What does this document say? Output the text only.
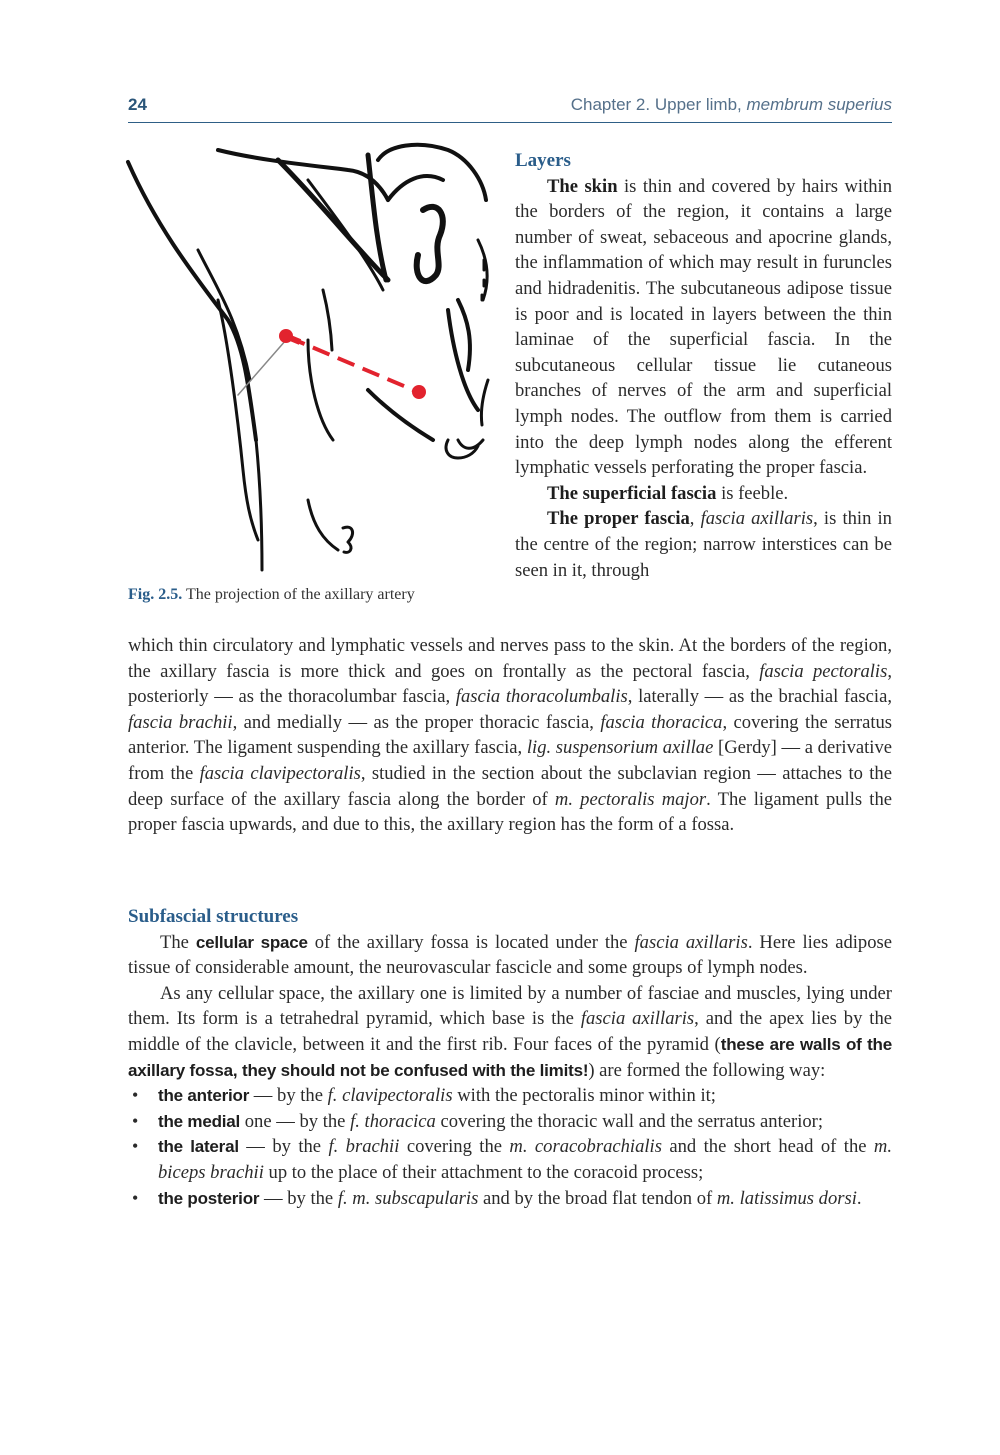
24	Chapter 2. Upper limb, membrum superius
Fig. 2.5. The projection of the axillary artery

Layers

The skin is thin and covered by hairs within the borders of the region, it contains a large number of sweat, sebaceous and apocrine glands, the inflammation of which may result in furuncles and hidradenitis. The subcutaneous adipose tissue is poor and is located in layers between the thin laminae of the superficial fascia. In the subcutaneous cellular tissue lie cutaneous branches of nerves of the arm and superficial lymph nodes. The outflow from them is carried into the deep lymph nodes along the efferent lymphatic vessels perforating the proper fascia.

The superficial fascia is feeble.

The proper fascia, fascia axillaris, is thin in the centre of the region; narrow interstices can be seen in it, through

which thin circulatory and lymphatic vessels and nerves pass to the skin. At the borders of the region, the axillary fascia is more thick and goes on frontally as the pectoral fascia, fascia pectoralis, posteriorly — as the thoracolumbar fascia, fascia thoracolumbalis, laterally — as the brachial fascia, fascia brachii, and medially — as the proper thoracic fascia, fascia thoracica, covering the serratus anterior. The ligament suspending the axillary fascia, lig. suspensorium axillae [Gerdy] — a derivative from the fascia clavipectoralis, studied in the section about the subclavian region — attaches to the deep surface of the axillary fascia along the border of m. pectoralis major. The ligament pulls the proper fascia upwards, and due to this, the axillary region has the form of a fossa.

Subfascial structures

The cellular space of the axillary fossa is located under the fascia axillaris. Here lies adipose tissue of considerable amount, the neurovascular fascicle and some groups of lymph nodes.

As any cellular space, the axillary one is limited by a number of fasciae and muscles, lying under them. Its form is a tetrahedral pyramid, which base is the fascia axillaris, and the apex lies by the middle of the clavicle, between it and the first rib. Four faces of the pyramid (these are walls of the axillary fossa, they should not be confused with the limits!) are formed the following way:

• the anterior — by the f. clavipectoralis with the pectoralis minor within it;
• the medial one — by the f. thoracica covering the thoracic wall and the serratus anterior;
• the lateral — by the f. brachii covering the m. coracobrachialis and the short head of the m. biceps brachii up to the place of their attachment to the coracoid process;
• the posterior — by the f. m. subscapularis and by the broad flat tendon of m. latissimus dorsi.
